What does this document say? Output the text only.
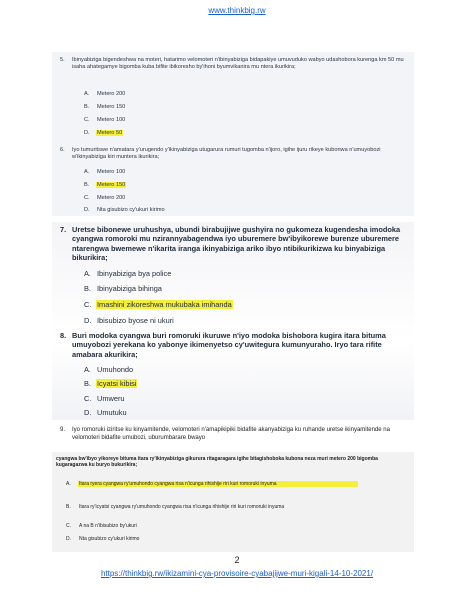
www.thinkbig.rw
5.	Ibinyabiziga bigendeshwa na moteri, hatarimo velomoteri n'ibinyabiziga bidapakiye umuvuduko wabyo udashobora kurenga km 50 mu isaha ahategamye bigomba kuba bifite ibikoresho by'ihoni byumvikanira mu ntera ikurikira;
A. Metero 200
B. Metero 150
C. Metero 100
D. Metero 50
6.	Iyo tumuritswe n'amatara y'urugendo y'ikinyabiziga utugarura rumuri tugomba n'ijoro, igihe ijuru rikeye kubonwa n'umuyobozi w'ikinyabiziga kiri muntera ikurikira;
A. Metero 100
B. Metero 150
C. Metero 200
D. Nta gisubizo cy'ukuri kirimo
7. Uretse bibonewe uruhushya, ubundi birabujijwe gushyira no gukomeza kugendesha imodoka cyangwa romoroki mu nzirannyabagendwa iyo uburemere bw'ibyikorewe burenze uburemere ntarengwa bwemewe n'ikarita iranga ikinyabiziga ariko ibyo ntibikurikizwa ku binyabiziga bikurikira;
A. Ibinyabiziga bya police
B. Ibinyabiziga bihinga
C. Imashini zikoreshwa mukubaka imihanda
D. Ibisubizo byose ni ukuri
8. Buri modoka cyangwa buri romoruki ikuruwe n'iyo modoka bishobora kugira itara bituma umuyobozi yerekana ko yabonye ikimenyetso cy'uwitegura kumunyuraho. Iryo tara rifite amabara akurikira;
A. Umuhondo
B. Icyatsi kibisi
C. Umweru
D. Umutuku
9.	Iyo romoruki iziritse ku kinyamitende, velomoteri n'amapikipiki bidafite akanyabiziga ku ruhande uretse ikinyamitende na velomoteri bidafite umubozi, uburumbarare bwayo
cyangwa bw'ibyo yikoreye bituma itara ry'ikinyabiziga gikurura ritagaragara igihe bitagishoboka kubona neza muri metero 200 bigomba kugaragazwa ku buryo bukurikira;
A. Itara ryera cyangwa ry'umuhondo cyangwa risa n'icunga rihishije riri kuri romoruki inyuma
B. Itara ry'icyatsi cyangwa ry'umuhondo cyangwa risa n'icunga rihishije riri kuri romoruki inyuma
C. A na B n'ibisubizo by'ukuri
D. Nta gisubizo cy'ukuri kirimo
2
https://thinkbig.rw/ikizamini-cya-provisoire-cyabajijwe-muri-kigali-14-10-2021/
